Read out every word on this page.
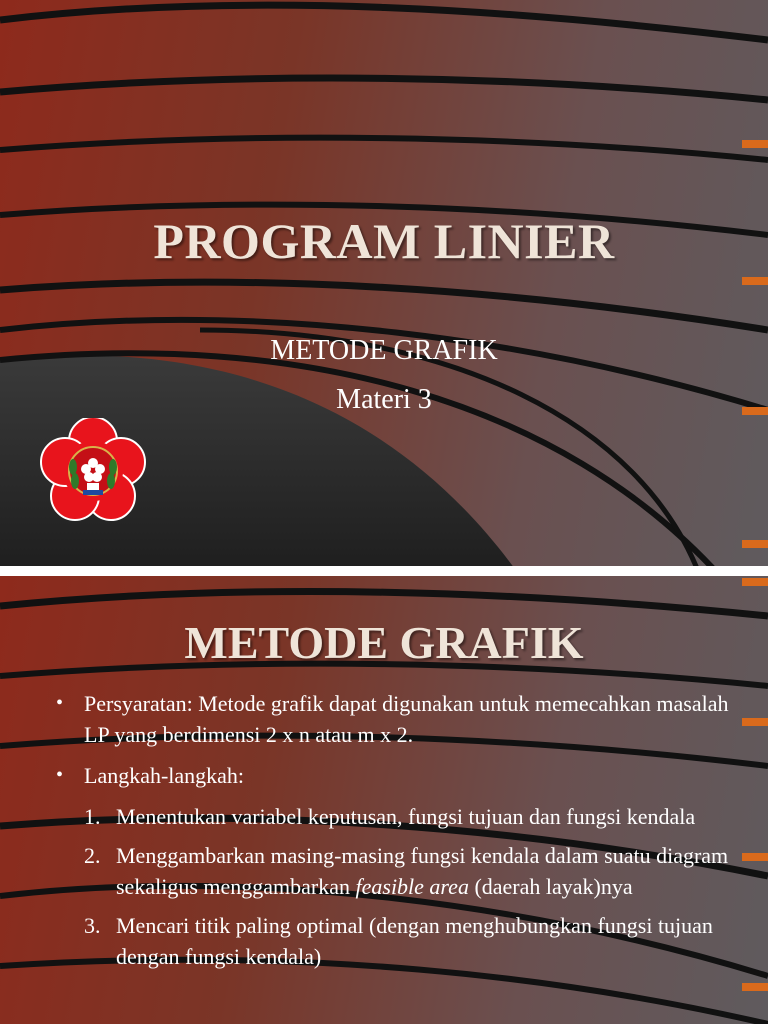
PROGRAM LINIER
METODE GRAFIK
Materi 3
METODE GRAFIK
• Persyaratan: Metode grafik dapat digunakan untuk memecahkan masalah LP yang berdimensi 2 x n atau m x 2.
• Langkah-langkah:
1. Menentukan variabel keputusan, fungsi tujuan dan fungsi kendala
2. Menggambarkan masing-masing fungsi kendala dalam suatu diagram sekaligus menggambarkan feasible area (daerah layak)nya
3. Mencari titik paling optimal (dengan menghubungkan fungsi tujuan dengan fungsi kendala)
